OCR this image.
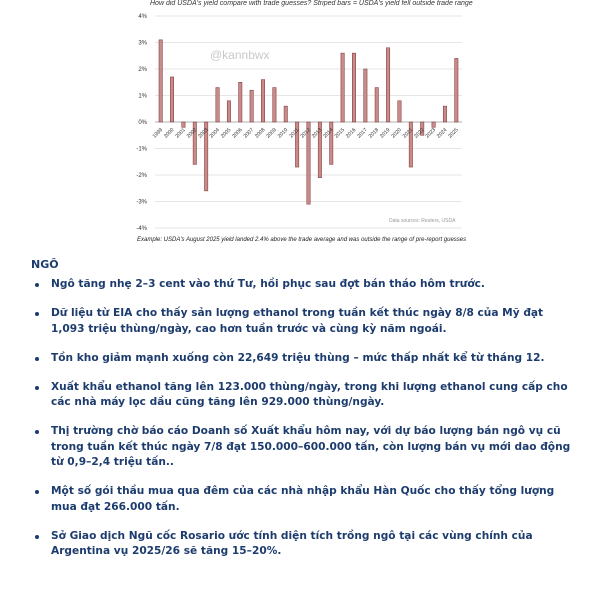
How did USDA's yield compare with trade guesses? Striped bars = USDA's yield fell outside trade range
4%
3%
2%
1%
0%
-1%
-2%
-3%
-4%
1999
2000
2001
2002
2003
2004
2005
2006
2007
2008
2009
2010 2011
2012
2013
2014
2015
2016
2017
2018
2019
2020
2021
2022
2023
2024
2025
@kannbwx
Data sources: Reuters, USDA
Example: USDA's August 2025 yield landed 2.4% above the trade average and was outside the range of pre-report guesses
NGÔ
Ngô tăng nhẹ 2–3 cent vào thứ Tư, hồi phục sau đợt bán tháo hôm trước.
Dữ liệu từ EIA cho thấy sản lượng ethanol trong tuần kết thúc ngày 8/8 của Mỹ đạt 1,093 triệu thùng/ngày, cao hơn tuần trước và cùng kỳ năm ngoái.
Tồn kho giảm mạnh xuống còn 22,649 triệu thùng – mức thấp nhất kể từ tháng 12.
Xuất khẩu ethanol tăng lên 123.000 thùng/ngày, trong khi lượng ethanol cung cấp cho các nhà máy lọc dầu cũng tăng lên 929.000 thùng/ngày.
Thị trường chờ báo cáo Doanh số Xuất khẩu hôm nay, với dự báo lượng bán ngô vụ cũ trong tuần kết thúc ngày 7/8 đạt 150.000–600.000 tấn, còn lượng bán vụ mới dao động từ 0,9–2,4 triệu tấn..
Một số gói thầu mua qua đêm của các nhà nhập khẩu Hàn Quốc cho thấy tổng lượng mua đạt 266.000 tấn.
Sở Giao dịch Ngũ cốc Rosario ước tính diện tích trồng ngô tại các vùng chính của Argentina vụ 2025/26 sẽ tăng 15–20%.
